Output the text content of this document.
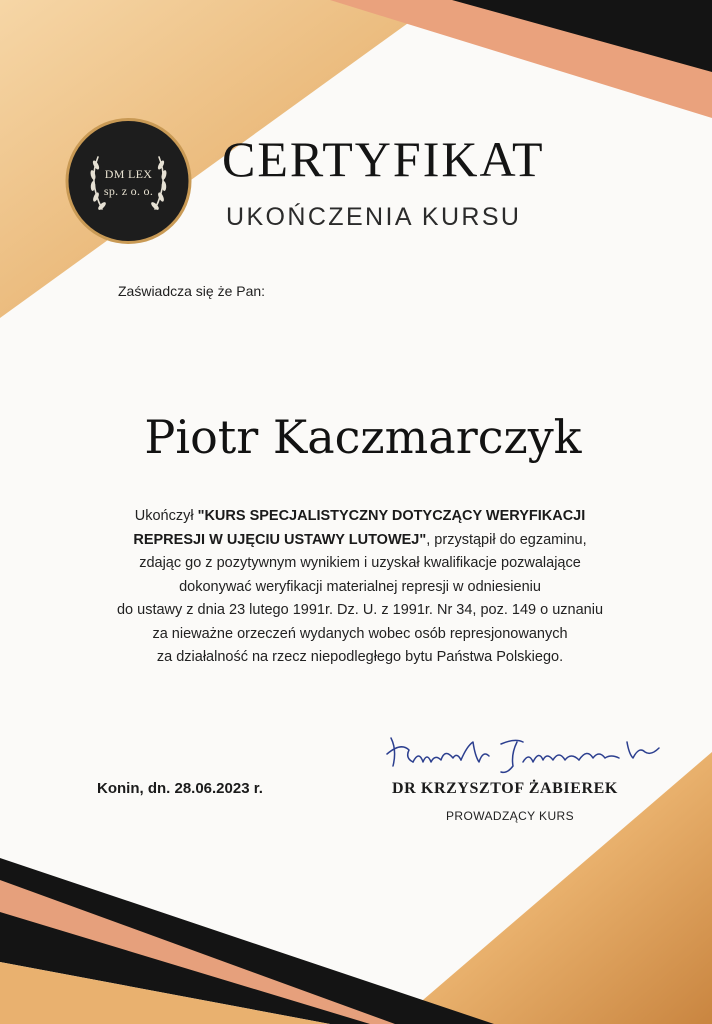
DM LEX
sp. z o. o.
CERTYFIKAT
UKOŃCZENIA KURSU
Zaświadcza się że Pan:
Piotr Kaczmarczyk
Ukończył "KURS SPECJALISTYCZNY DOTYCZĄCY WERYFIKACJI
REPRESJI W UJĘCIU USTAWY LUTOWEJ", przystąpił do egzaminu,
zdając go z pozytywnym wynikiem i uzyskał kwalifikacje pozwalające
dokonywać weryfikacji materialnej represji w odniesieniu
do ustawy z dnia 23 lutego 1991r. Dz. U. z 1991r. Nr 34, poz. 149 o uznaniu
za nieważne orzeczeń wydanych wobec osób represjonowanych
za działalność na rzecz niepodległego bytu Państwa Polskiego.
Konin, dn. 28.06.2023 r.	DR KRZYSZTOF ŻABIEREK
PROWADZĄCY KURS
